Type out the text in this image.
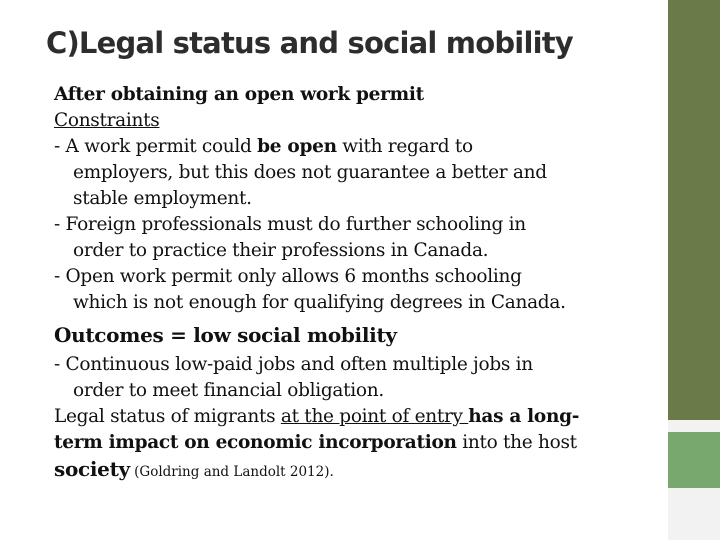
C)Legal status and social mobility
After obtaining an open work permit
Constraints
- A work permit could be open with regard to
employers, but this does not guarantee a better and
stable employment.
- Foreign professionals must do further schooling in
order to practice their professions in Canada.
- Open work permit only allows 6 months schooling
which is not enough for qualifying degrees in Canada.
Outcomes = low social mobility
- Continuous low-paid jobs and often multiple jobs in
order to meet financial obligation.
Legal status of migrants at the point of entry has a long-
term impact on economic incorporation into the host
society (Goldring and Landolt 2012).
